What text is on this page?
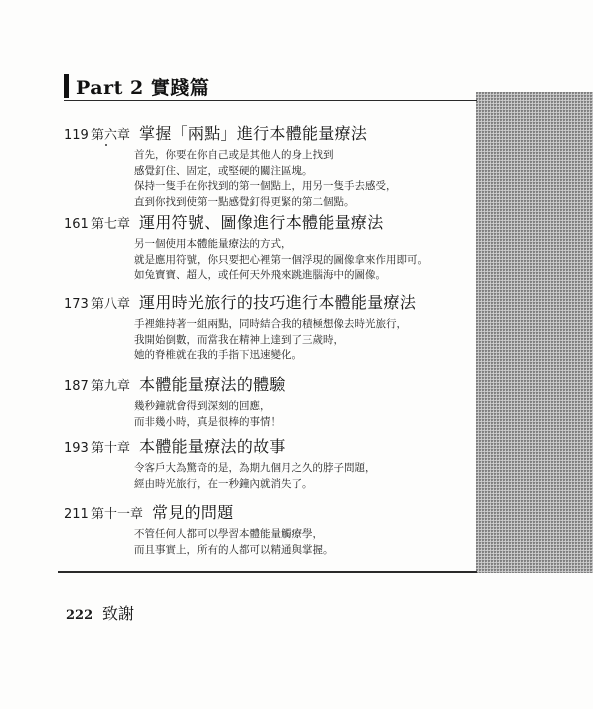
Part 2 實踐篇
119 第六章 掌握「兩點」進行本體能量療法
首先，你要在你自己或是其他人的身上找到
感覺釘住、固定，或堅硬的關注區塊。
保持一隻手在你找到的第一個點上，用另一隻手去感受，
直到你找到使第一點感覺釘得更緊的第二個點。
161 第七章 運用符號、圖像進行本體能量療法
另一個使用本體能量療法的方式，
就是應用符號，你只要把心裡第一個浮現的圖像拿來作用即可。
如兔寶寶、超人，或任何天外飛來跳進腦海中的圖像。
173 第八章 運用時光旅行的技巧進行本體能量療法
手裡維持著一組兩點，同時結合我的積極想像去時光旅行，
我開始倒數，而當我在精神上達到了三歲時，
她的脊椎就在我的手指下迅速變化。
187 第九章 本體能量療法的體驗
幾秒鐘就會得到深刻的回應，
而非幾小時，真是很棒的事情！
193 第十章 本體能量療法的故事
令客戶大為驚奇的是，為期九個月之久的脖子問題，
經由時光旅行，在一秒鐘內就消失了。
211 第十一章 常見的問題
不管任何人都可以學習本體能量觸療學，
而且事實上，所有的人都可以精通與掌握。
222 致謝
